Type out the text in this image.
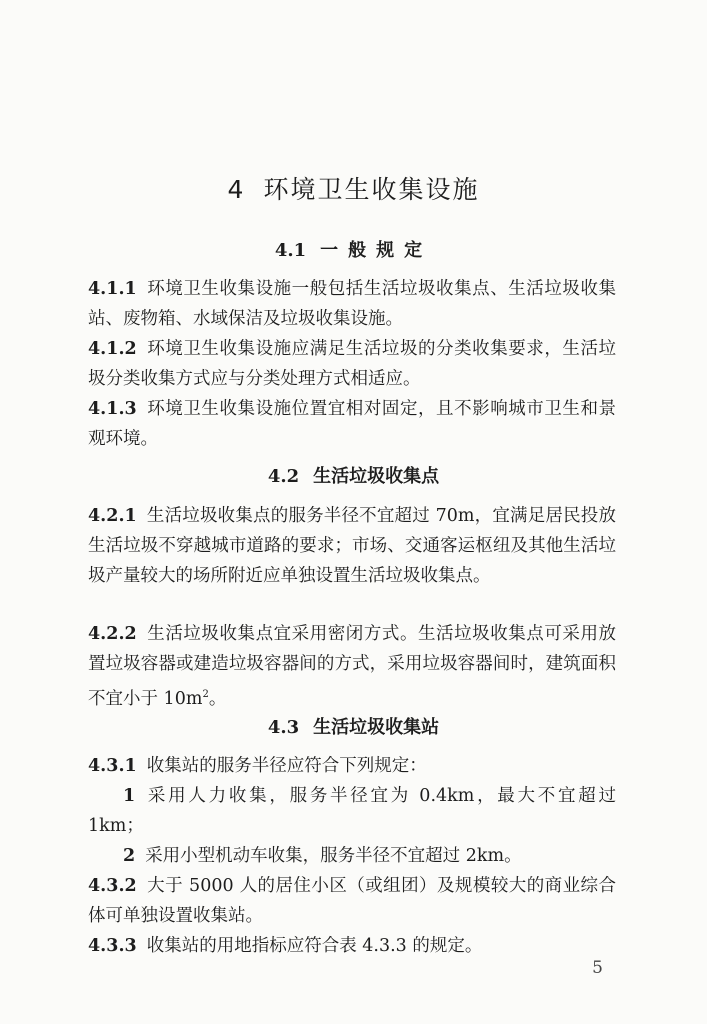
4 环境卫生收集设施
4.1 一般规定
4.1.1 环境卫生收集设施一般包括生活垃圾收集点、生活垃圾收集站、废物箱、水域保洁及垃圾收集设施。
4.1.2 环境卫生收集设施应满足生活垃圾的分类收集要求，生活垃圾分类收集方式应与分类处理方式相适应。
4.1.3 环境卫生收集设施位置宜相对固定，且不影响城市卫生和景观环境。
4.2 生活垃圾收集点
4.2.1 生活垃圾收集点的服务半径不宜超过 70m，宜满足居民投放生活垃圾不穿越城市道路的要求；市场、交通客运枢纽及其他生活垃圾产量较大的场所附近应单独设置生活垃圾收集点。
4.2.2 生活垃圾收集点宜采用密闭方式。生活垃圾收集点可采用放置垃圾容器或建造垃圾容器间的方式，采用垃圾容器间时，建筑面积不宜小于 $10m^2$。
4.3 生活垃圾收集站
4.3.1 收集站的服务半径应符合下列规定：
1 采用人力收集，服务半径宜为 0.4km，最大不宜超过 1km；
2 采用小型机动车收集，服务半径不宜超过 2km。
4.3.2 大于 5000 人的居住小区（或组团）及规模较大的商业综合体可单独设置收集站。
4.3.3 收集站的用地指标应符合表 4.3.3 的规定。
5
